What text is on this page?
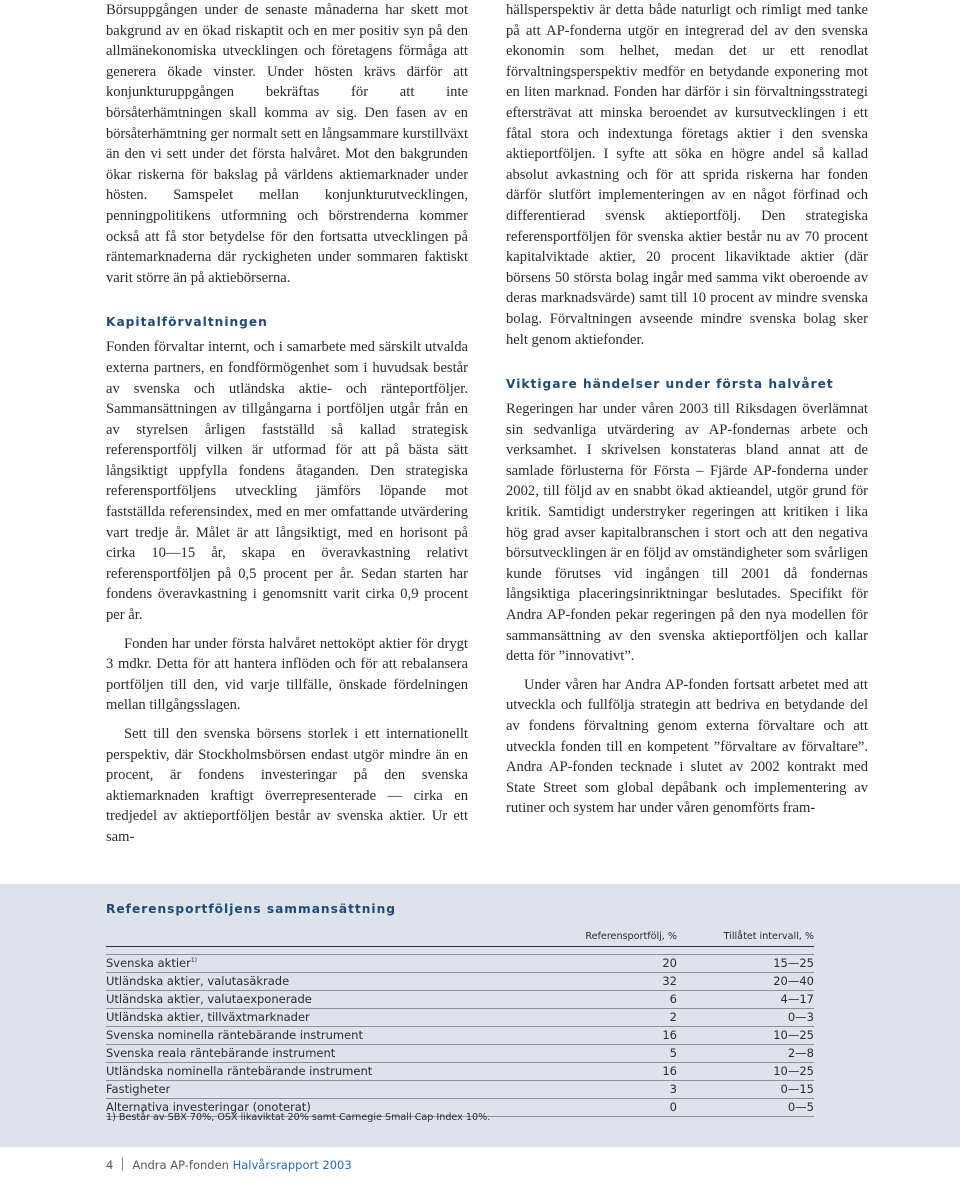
Börsuppgången under de senaste månaderna har skett mot bakgrund av en ökad riskaptit och en mer positiv syn på den allmänekonomiska utvecklingen och företagens förmåga att generera ökade vinster. Under hösten krävs därför att konjunkturuppgången bekräftas för att inte börsåterhämtningen skall komma av sig. Den fasen av en börsåterhämtning ger normalt sett en långsammare kurstillväxt än den vi sett under det första halvåret. Mot den bakgrunden ökar riskerna för bakslag på världens aktiemarknader under hösten. Samspelet mellan konjunkturutvecklingen, penningpolitikens utformning och börstrenderna kommer också att få stor betydelse för den fortsatta utvecklingen på räntemarknaderna där ryckigheten under sommaren faktiskt varit större än på aktiebörserna.

Kapitalförvaltningen

Fonden förvaltar internt, och i samarbete med särskilt utvalda externa partners, en fondförmögenhet som i huvudsak består av svenska och utländska aktie- och ränteportföljer. Sammansättningen av tillgångarna i portföljen utgår från en av styrelsen årligen fastställd så kallad strategisk referensportfölj vilken är utformad för att på bästa sätt långsiktigt uppfylla fondens åtaganden. Den strategiska referensportföljens utveckling jämförs löpande mot fastställda referensindex, med en mer omfattande utvärdering vart tredje år. Målet är att långsiktigt, med en horisont på cirka 10—15 år, skapa en överavkastning relativt referensportföljen på 0,5 procent per år. Sedan starten har fondens överavkastning i genomsnitt varit cirka 0,9 procent per år.

Fonden har under första halvåret nettoköpt aktier för drygt 3 mdkr. Detta för att hantera inflöden och för att rebalansera portföljen till den, vid varje tillfälle, önskade fördelningen mellan tillgångsslagen.

Sett till den svenska börsens storlek i ett internationellt perspektiv, där Stockholmsbörsen endast utgör mindre än en procent, är fondens investeringar på den svenska aktiemarknaden kraftigt överrepresenterade — cirka en tredjedel av aktieportföljen består av svenska aktier. Ur ett sam-

hällsperspektiv är detta både naturligt och rimligt med tanke på att AP-fonderna utgör en integrerad del av den svenska ekonomin som helhet, medan det ur ett renodlat förvaltningsperspektiv medför en betydande exponering mot en liten marknad. Fonden har därför i sin förvaltningsstrategi eftersträvat att minska beroendet av kursutvecklingen i ett fåtal stora och indextunga företags aktier i den svenska aktieportföljen. I syfte att söka en högre andel så kallad absolut avkastning och för att sprida riskerna har fonden därför slutfört implementeringen av en något förfinad och differentierad svensk aktieportfölj. Den strategiska referensportföljen för svenska aktier består nu av 70 procent kapitalviktade aktier, 20 procent likaviktade aktier (där börsens 50 största bolag ingår med samma vikt oberoende av deras marknadsvärde) samt till 10 procent av mindre svenska bolag. Förvaltningen avseende mindre svenska bolag sker helt genom aktiefonder.

Viktigare händelser under första halvåret

Regeringen har under våren 2003 till Riksdagen överlämnat sin sedvanliga utvärdering av AP-fondernas arbete och verksamhet. I skrivelsen konstateras bland annat att de samlade förlusterna för Första – Fjärde AP-fonderna under 2002, till följd av en snabbt ökad aktieandel, utgör grund för kritik. Samtidigt understryker regeringen att kritiken i lika hög grad avser kapitalbranschen i stort och att den negativa börsutvecklingen är en följd av omständigheter som svårligen kunde förutses vid ingången till 2001 då fondernas långsiktiga placeringsinriktningar beslutades. Specifikt för Andra AP-fonden pekar regeringen på den nya modellen för sammansättning av den svenska aktieportföljen och kallar detta för ”innovativt”.

Under våren har Andra AP-fonden fortsatt arbetet med att utveckla och fullfölja strategin att bedriva en betydande del av fondens förvaltning genom externa förvaltare och att utveckla fonden till en kompetent ”förvaltare av förvaltare”. Andra AP-fonden tecknade i slutet av 2002 kontrakt med State Street som global depåbank och implementering av rutiner och system har under våren genomförts fram-

Referensportföljens sammansättning
Referensportfölj, %	Tillåtet intervall, %
Svenska aktier$^{1)}$	20	15—25
Utländska aktier, valutasäkrade	32	20—40
Utländska aktier, valutaexponerade	6	4—17
Utländska aktier, tillväxtmarknader	2	0—3
Svenska nominella räntebärande instrument	16	10—25
Svenska reala räntebärande instrument	5	2—8
Utländska nominella räntebärande instrument	16	10—25
Fastigheter	3	0—15
Alternativa investeringar (onoterat)	0	0—5
1) Består av SBX 70%, OSX likaviktat 20% samt Carnegie Small Cap Index 10%.
4 Andra AP-fonden Halvårsrapport 2003
